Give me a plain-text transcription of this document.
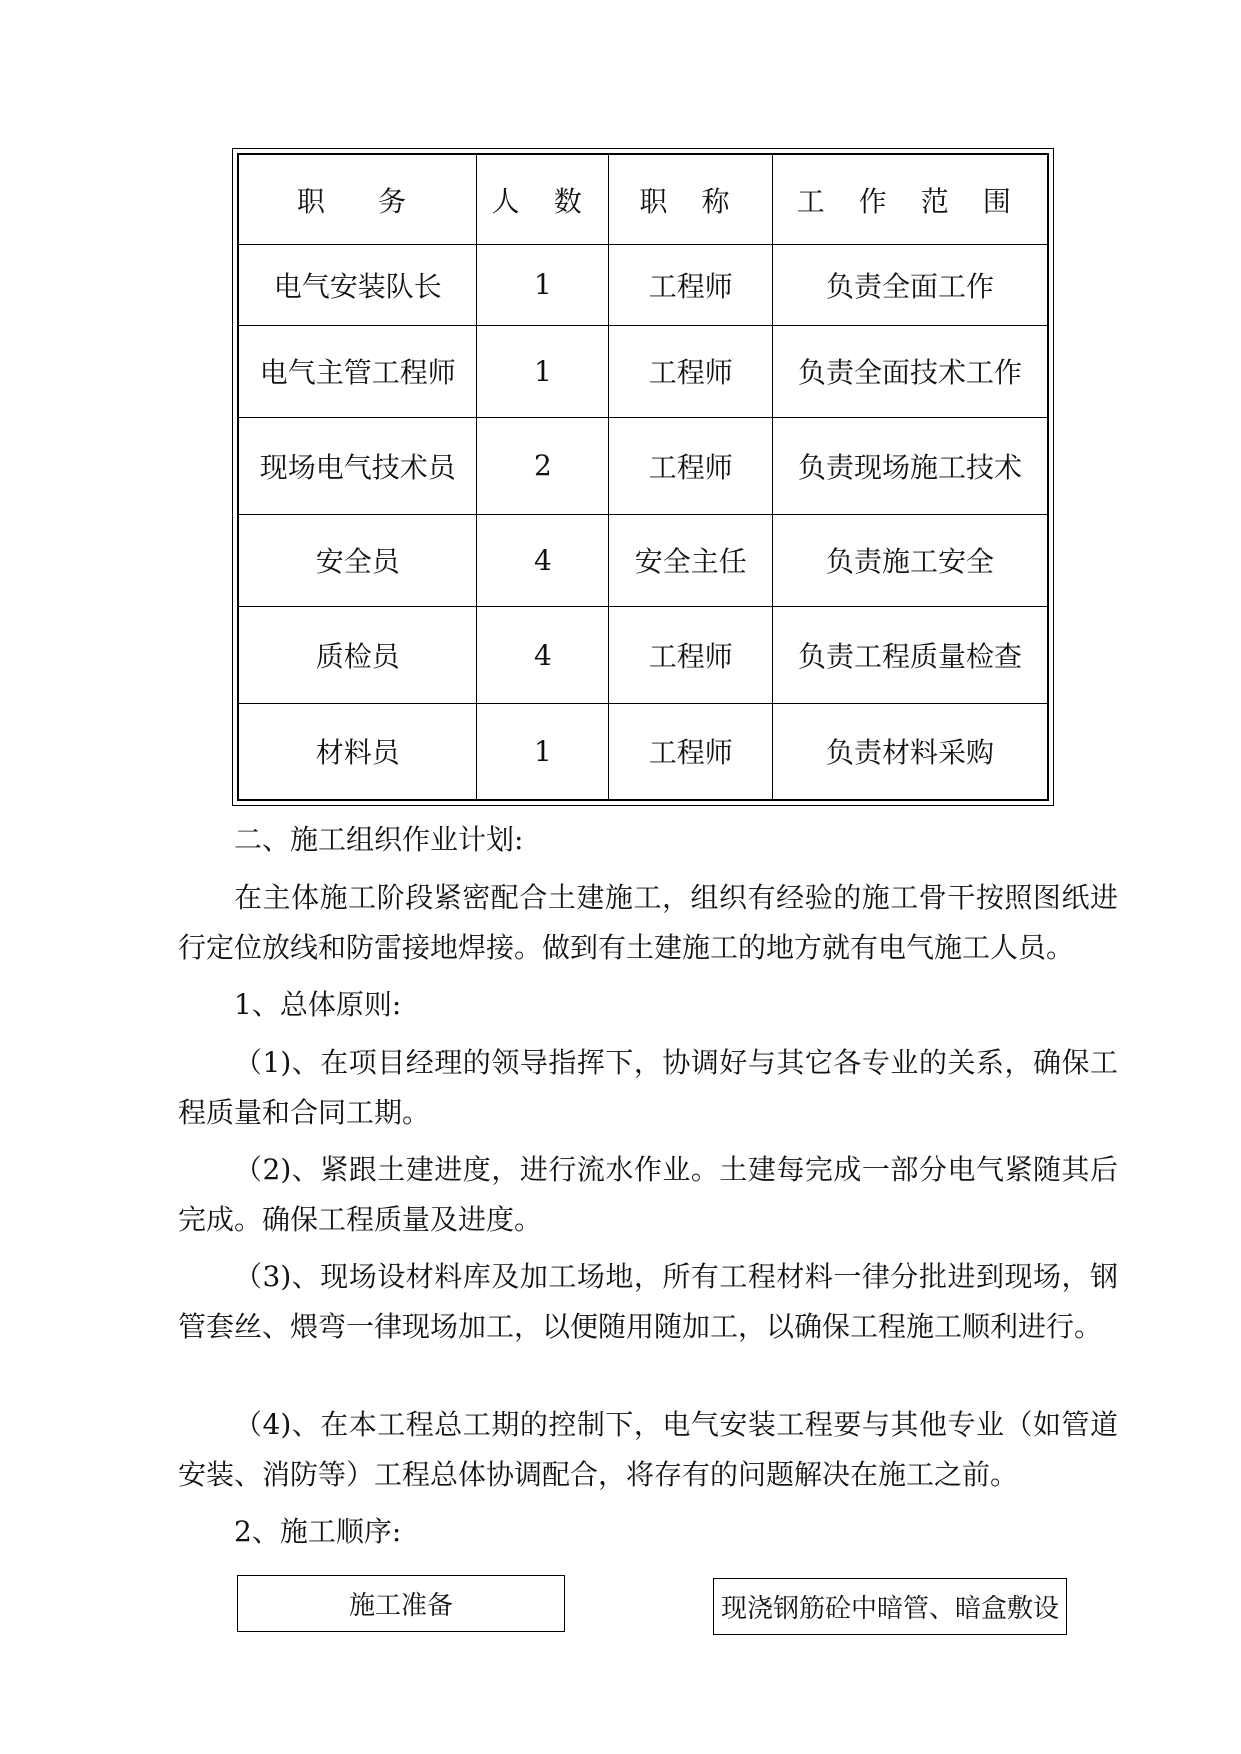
职　务	人 数	职 称	工 作 范 围
电气安装队长	1	工程师	负责全面工作
电气主管工程师	1	工程师	负责全面技术工作
现场电气技术员	2	工程师	负责现场施工技术
安全员	4	安全主任	负责施工安全
质检员	4	工程师	负责工程质量检查
材料员	1	工程师	负责材料采购

二、施工组织作业计划:

在主体施工阶段紧密配合土建施工，组织有经验的施工骨干按照图纸进行定位放线和防雷接地焊接。做到有土建施工的地方就有电气施工人员。

1、总体原则:

（1)、在项目经理的领导指挥下，协调好与其它各专业的关系，确保工程质量和合同工期。

（2)、紧跟土建进度，进行流水作业。土建每完成一部分电气紧随其后完成。确保工程质量及进度。

（3)、现场设材料库及加工场地，所有工程材料一律分批进到现场，钢管套丝、煨弯一律现场加工，以便随用随加工，以确保工程施工顺利进行。

（4)、在本工程总工期的控制下，电气安装工程要与其他专业（如管道安装、消防等）工程总体协调配合，将存有的问题解决在施工之前。

2、施工顺序:

施工准备	现浇钢筋砼中暗管、暗盒敷设
